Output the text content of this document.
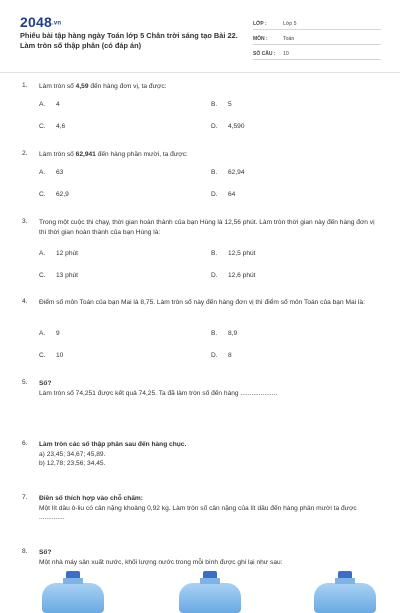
2048.vn
Phiếu bài tập hàng ngày Toán lớp 5 Chân trời sáng tạo Bài 22. Làm tròn số thập phân (có đáp án)
LỚP :	Lớp 5
MÔN :	Toán
SỐ CÂU :	10
1. Làm tròn số 4,59 đến hàng đơn vị, ta được:
A. 4	B. 5
C. 4,6	D. 4,590
2. Làm tròn số 62,941 đến hàng phần mười, ta được:
A. 63	B. 62,94
C. 62,9	D. 64
3. Trong một cuộc thi chạy, thời gian hoàn thành của bạn Hùng là 12,56 phút. Làm tròn thời gian này đến hàng đơn vị thì thời gian hoàn thành của bạn Hùng là:
A. 12 phút	B. 12,5 phút
C. 13 phút	D. 12,6 phút
4. Điểm số môn Toán của bạn Mai là 8,75. Làm tròn số này đến hàng đơn vị thì điểm số môn Toán của bạn Mai là:
A. 9	B. 8,9
C. 10	D. 8
5. Số?
Làm tròn số 74,251 được kết quả 74,25. Ta đã làm tròn số đến hàng ....................
6. Làm tròn các số thập phân sau đến hàng chục.
a) 23,45; 34,67; 45,89.
b) 12,78; 23,56; 34,45.
7. Điền số thích hợp vào chỗ chấm:
Một lít dầu ô-liu có cân nặng khoảng 0,92 kg. Làm tròn số cân nặng của lít dầu đến hàng phần mười ta được ..............
8. Số?
Một nhà máy sản xuất nước, khối lượng nước trong mỗi bình được ghi lại như sau:
